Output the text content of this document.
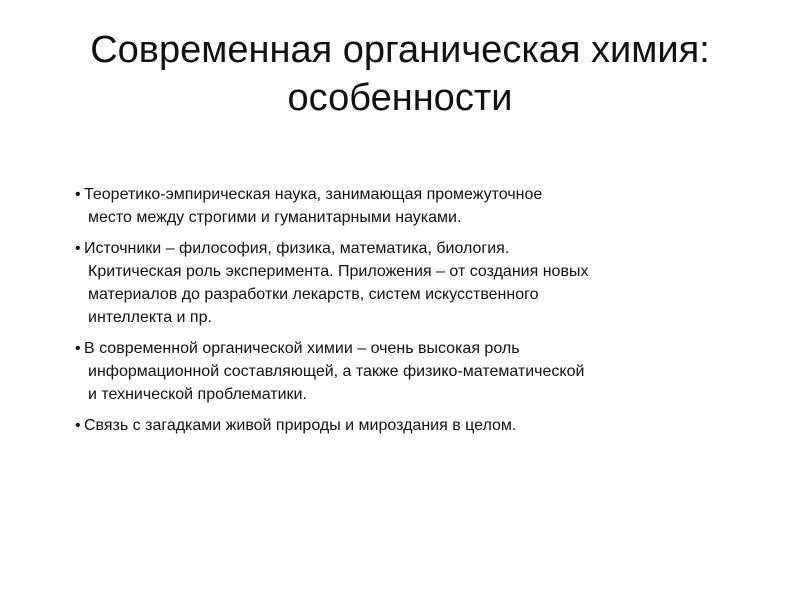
Современная органическая химия:
особенности
• Теоретико-эмпирическая наука, занимающая промежуточное
место между строгими и гуманитарными науками.
• Источники – философия, физика, математика, биология.
Критическая роль эксперимента. Приложения – от создания новых
материалов до разработки лекарств, систем искусственного
интеллекта и пр.
• В современной органической химии – очень высокая роль
информационной составляющей, а также физико-математической
и технической проблематики.
• Связь с загадками живой природы и мироздания в целом.
